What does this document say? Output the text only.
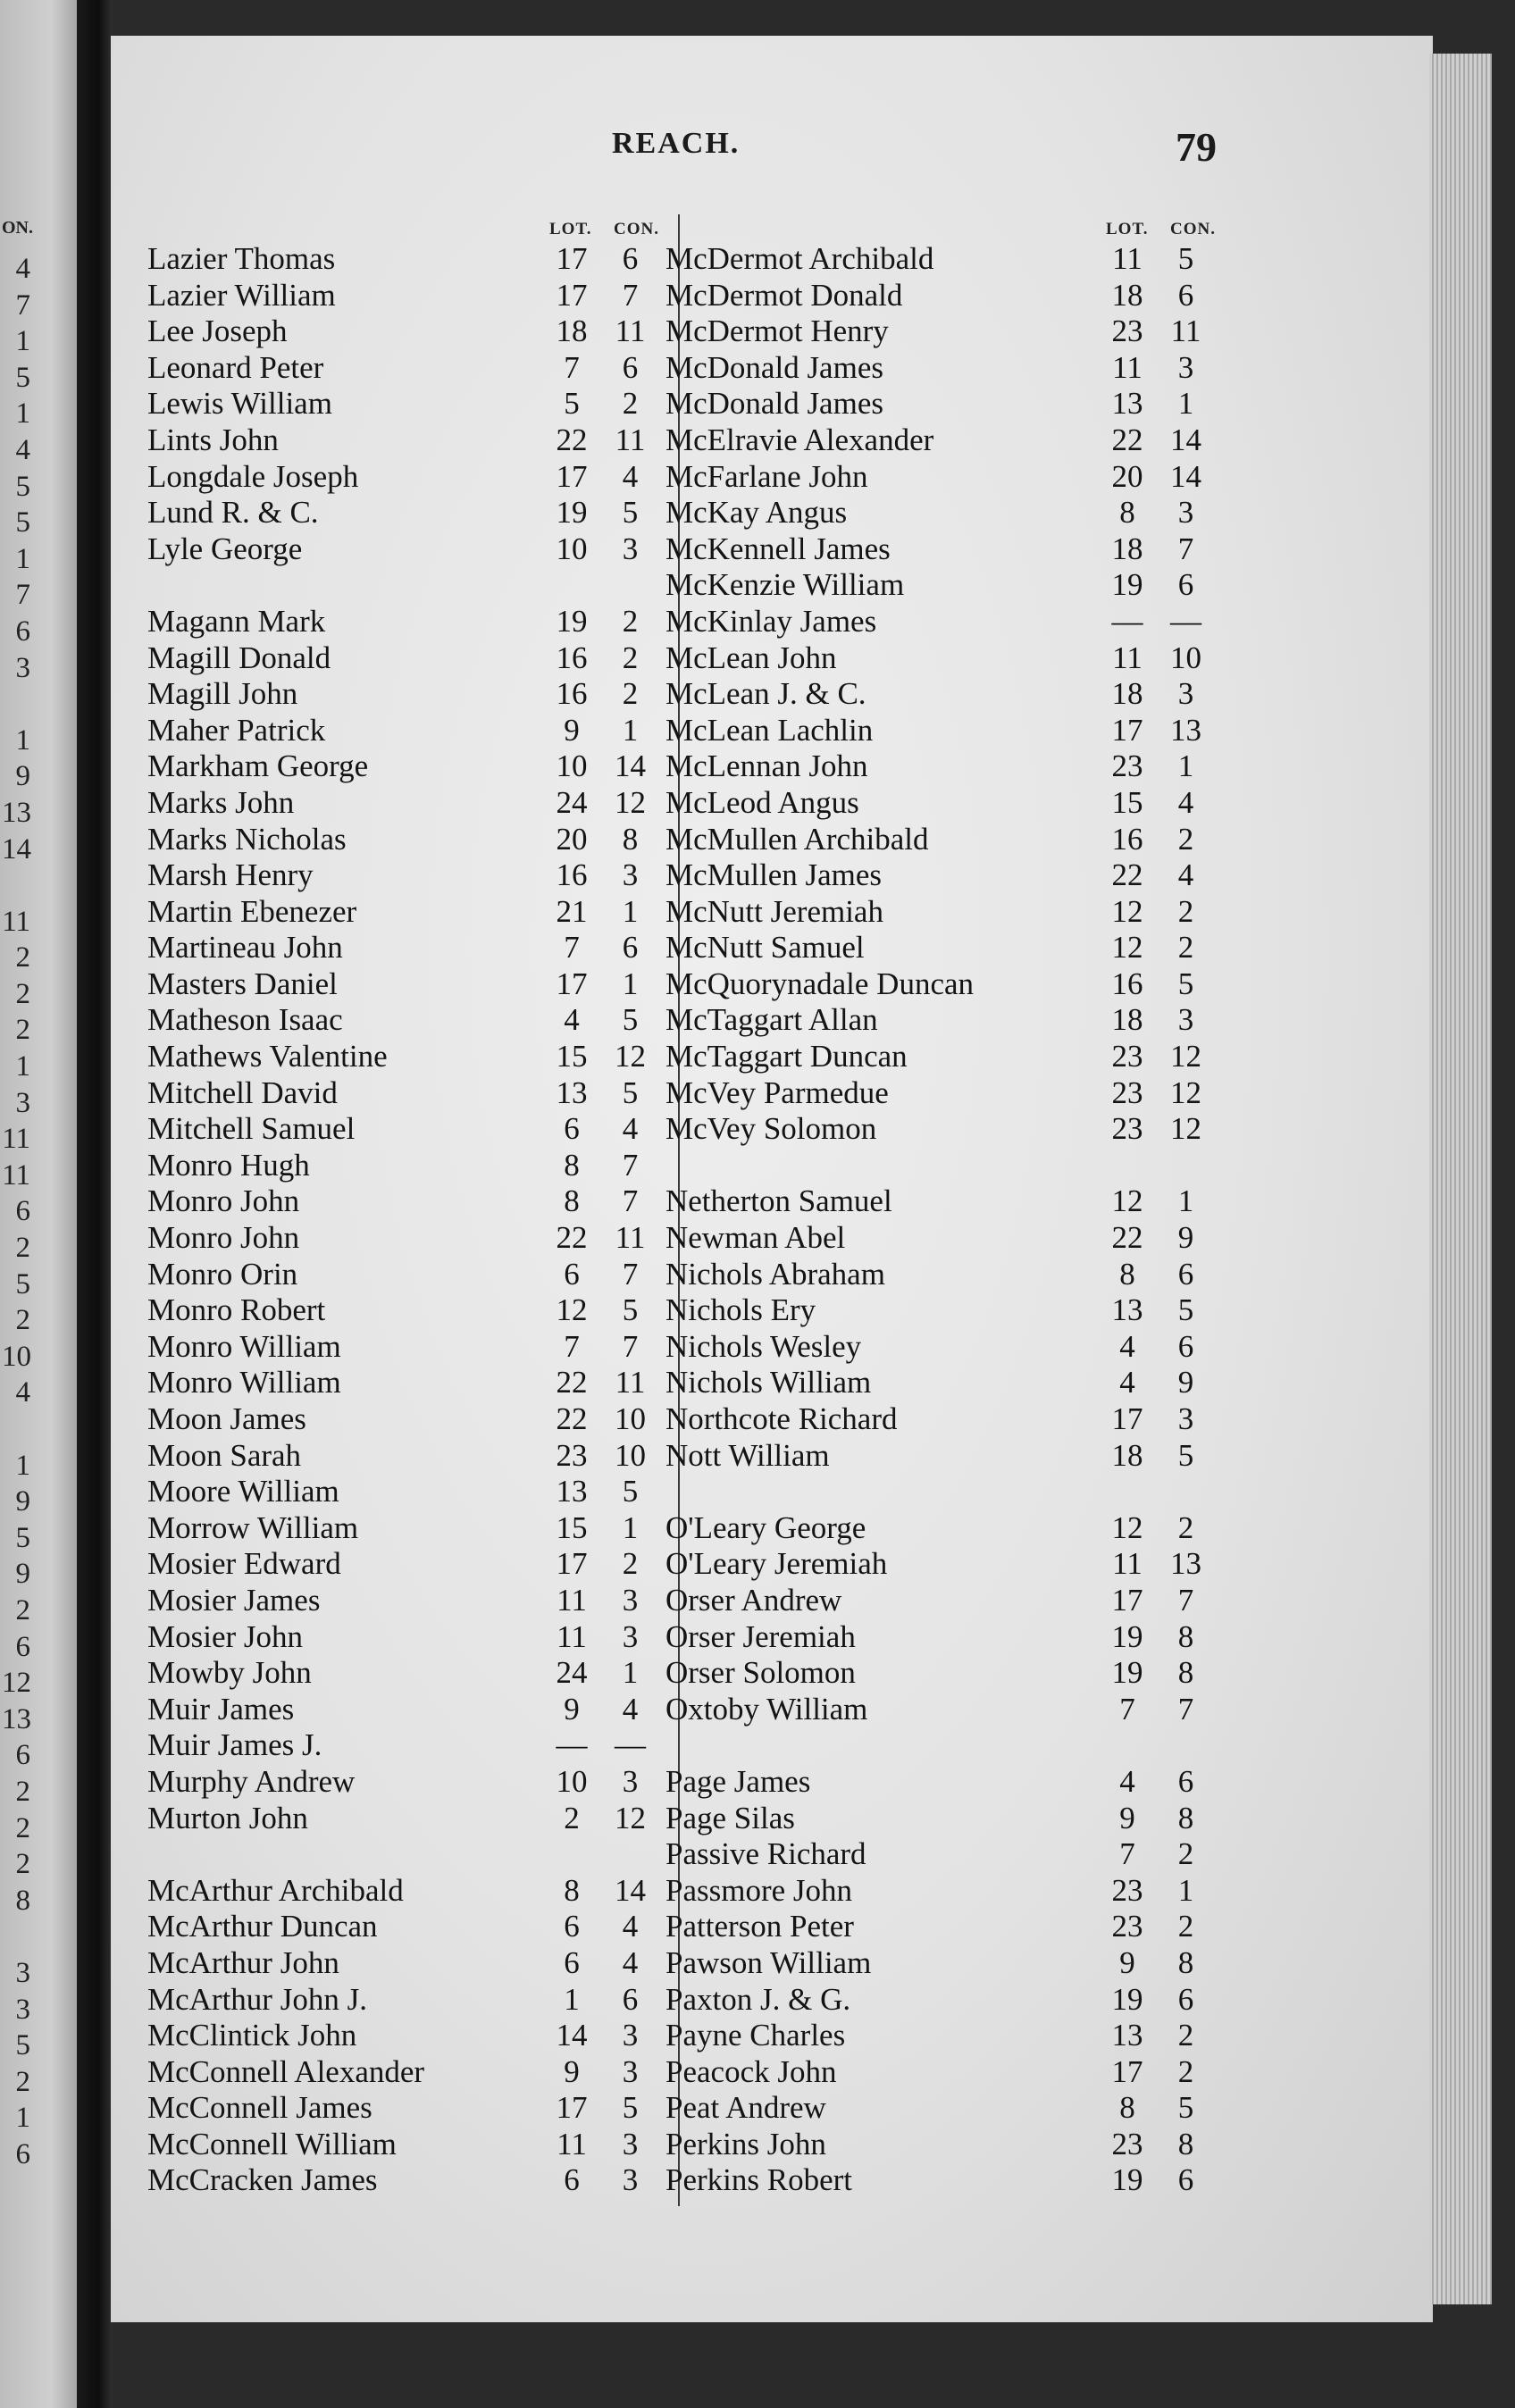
ON.
4
7
1
5
1
4
5
5
1
7
6
3
1
9
13
14
11
2
2
2
1
3
11
11
6
2
5
2
10
4
1
9
5
9
2
6
12
13
6
2
2
2
8
3
3
5
2
1
6
REACH.	79
LOT. CON.
Lazier Thomas	17	6
Lazier William	17	7
Lee Joseph	18 11
Leonard Peter	7	6
Lewis William	5	2
Lints John	22 11
Longdale Joseph	17	4
Lund R. & C.	19	5
Lyle George	10	3
Magann Mark	19	2
Magill Donald	16	2
Magill John	16	2
Maher Patrick	9	1
Markham George	10 14
Marks John	24 12
Marks Nicholas	20	8
Marsh Henry	16	3
Martin Ebenezer	21	1
Martineau John	7	6
Masters Daniel	17	1
Matheson Isaac	4	5
Mathews Valentine	15 12
Mitchell David	13	5
Mitchell Samuel	6	4
Monro Hugh	8	7
Monro John	8	7
Monro John	22 11
Monro Orin	6	7
Monro Robert	12	5
Monro William	7	7
Monro William	22 11
Moon James	22 10
Moon Sarah	23 10
Moore William	13	5
Morrow William	15	1
Mosier Edward	17	2
Mosier James	11	3
Mosier John	11	3
Mowby John	24	1
Muir James	9	4
Muir James J.	— —
Murphy Andrew	10	3
Murton John	2	12
McArthur Archibald	8	14
McArthur Duncan	6	4
McArthur John	6	4
McArthur John J.	1	6
McClintick John	14	3
McConnell Alexander	9	3
McConnell James	17	5
McConnell William	11	3
McCracken James	6	3
LOT. CON.
McDermot Archibald	11	5
McDermot Donald	18	6
McDermot Henry	23 11
McDonald James	11	3
McDonald James	13	1
McElravie Alexander	22 14
McFarlane John	20 14
McKay Angus	8	3
McKennell James	18	7
McKenzie William	19	6
McKinlay James	— —
McLean John	11 10
McLean J. & C.	18	3
McLean Lachlin	17 13
McLennan John	23	1
McLeod Angus	15	4
McMullen Archibald	16	2
McMullen James	22	4
McNutt Jeremiah	12	2
McNutt Samuel	12	2
McQuorynadale Duncan	16	5
McTaggart Allan	18	3
McTaggart Duncan	23 12
McVey Parmedue	23 12
McVey Solomon	23 12
Netherton Samuel	12	1
Newman Abel	22	9
Nichols Abraham	8	6
Nichols Ery	13	5
Nichols Wesley	4	6
Nichols William	4	9
Northcote Richard	17	3
Nott William	18	5
O'Leary George	12	2
O'Leary Jeremiah	11 13
Orser Andrew	17	7
Orser Jeremiah	19	8
Orser Solomon	19	8
Oxtoby William	7	7
Page James	4	6
Page Silas	9	8
Passive Richard	7	2
Passmore John	23	1
Patterson Peter	23	2
Pawson William	9	8
Paxton J. & G.	19	6
Payne Charles	13	2
Peacock John	17	2
Peat Andrew	8	5
Perkins John	23	8
Perkins Robert	19	6
